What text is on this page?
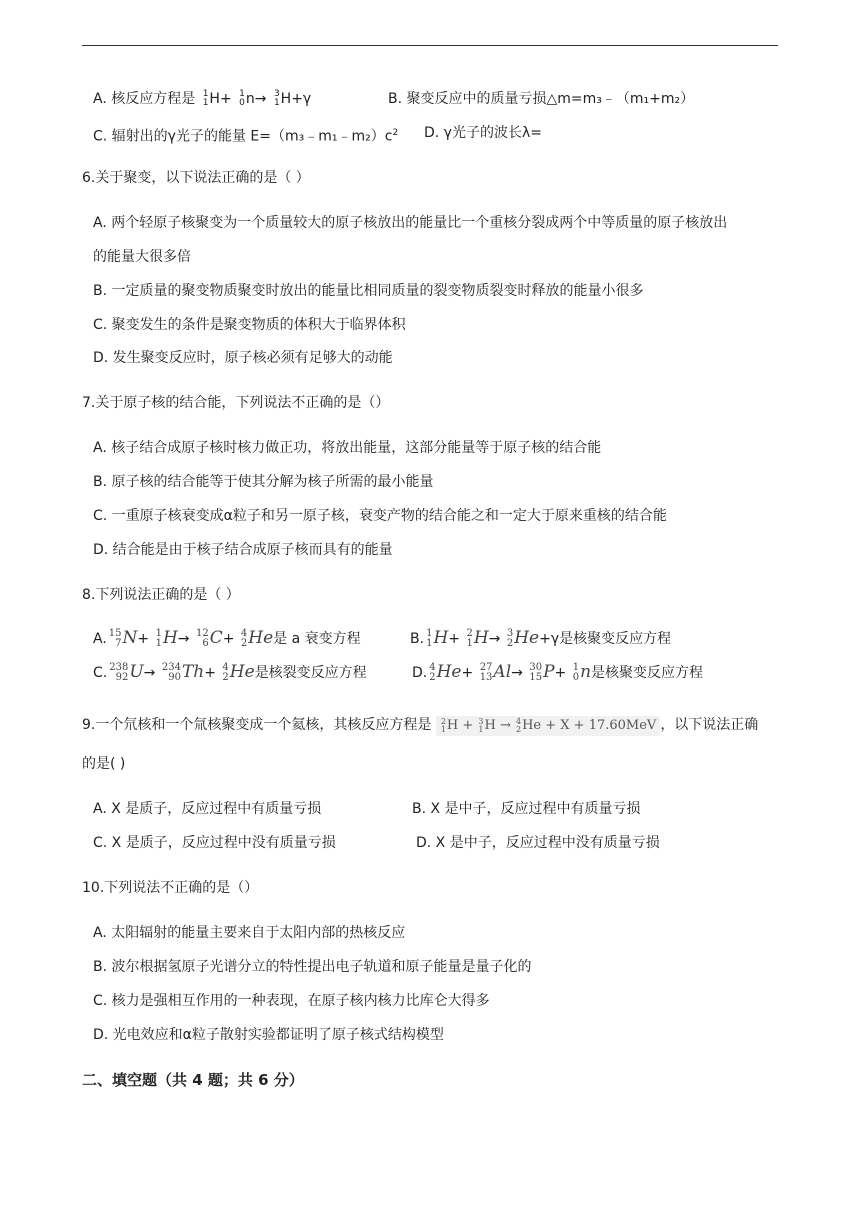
A. 核反应方程是 1
1 H+ 1
0 n→ 3
1 H+γ	B. 聚变反应中的质量亏损△m=m₃﹣（m₁+m₂）
C. 辐射出的γ光子的能量 $E=(m_3﹣m_1﹣m_2)c^2$ D. γ光子的波长λ=
6.关于聚变，以下说法正确的是（ ）
A. 两个轻原子核聚变为一个质量较大的原子核放出的能量比一个重核分裂成两个中等质量的原子核放出
的能量大很多倍
B. 一定质量的聚变物质聚变时放出的能量比相同质量的裂变物质裂变时释放的能量小很多
C. 聚变发生的条件是聚变物质的体积大于临界体积
D. 发生聚变反应时，原子核必须有足够大的动能
7.关于原子核的结合能，下列说法不正确的是（）
A. 核子结合成原子核时核力做正功，将放出能量，这部分能量等于原子核的结合能
B. 原子核的结合能等于使其分解为核子所需的最小能量
C. 一重原子核衰变成α粒子和另一原子核，衰变产物的结合能之和一定大于原来重核的结合能
D. 结合能是由于核子结合成原子核而具有的能量
8.下列说法正确的是（ ）
A. 15
7 N+ 1
1 H→ 12
6 C+ 4
2 He是 a 衰变方程	B. 1
1 H+ 2
1 H→ 3
2 He+γ是核聚变反应方程
C. 238
92 U→ 234
90 Th+ 4
2 He是核裂变反应方程	D. 4
2 He+ 27
13 Al→ 30
15 P+ 1
0 n是核聚变反应方程
9.一个氘核和一个氚核聚变成一个氦核，其核反应方程是 2
1 H + 3
1 H → 4
2 He + X + 17.60MeV ，以下说法正确
的是( )
A. X 是质子，反应过程中有质量亏损	B. X 是中子，反应过程中有质量亏损
C. X 是质子，反应过程中没有质量亏损	D. X 是中子，反应过程中没有质量亏损
10.下列说法不正确的是（）
A. 太阳辐射的能量主要来自于太阳内部的热核反应
B. 波尔根据氢原子光谱分立的特性提出电子轨道和原子能量是量子化的
C. 核力是强相互作用的一种表现，在原子核内核力比库仑大得多
D. 光电效应和α粒子散射实验都证明了原子核式结构模型
二、填空题（共 4 题；共 6 分）
